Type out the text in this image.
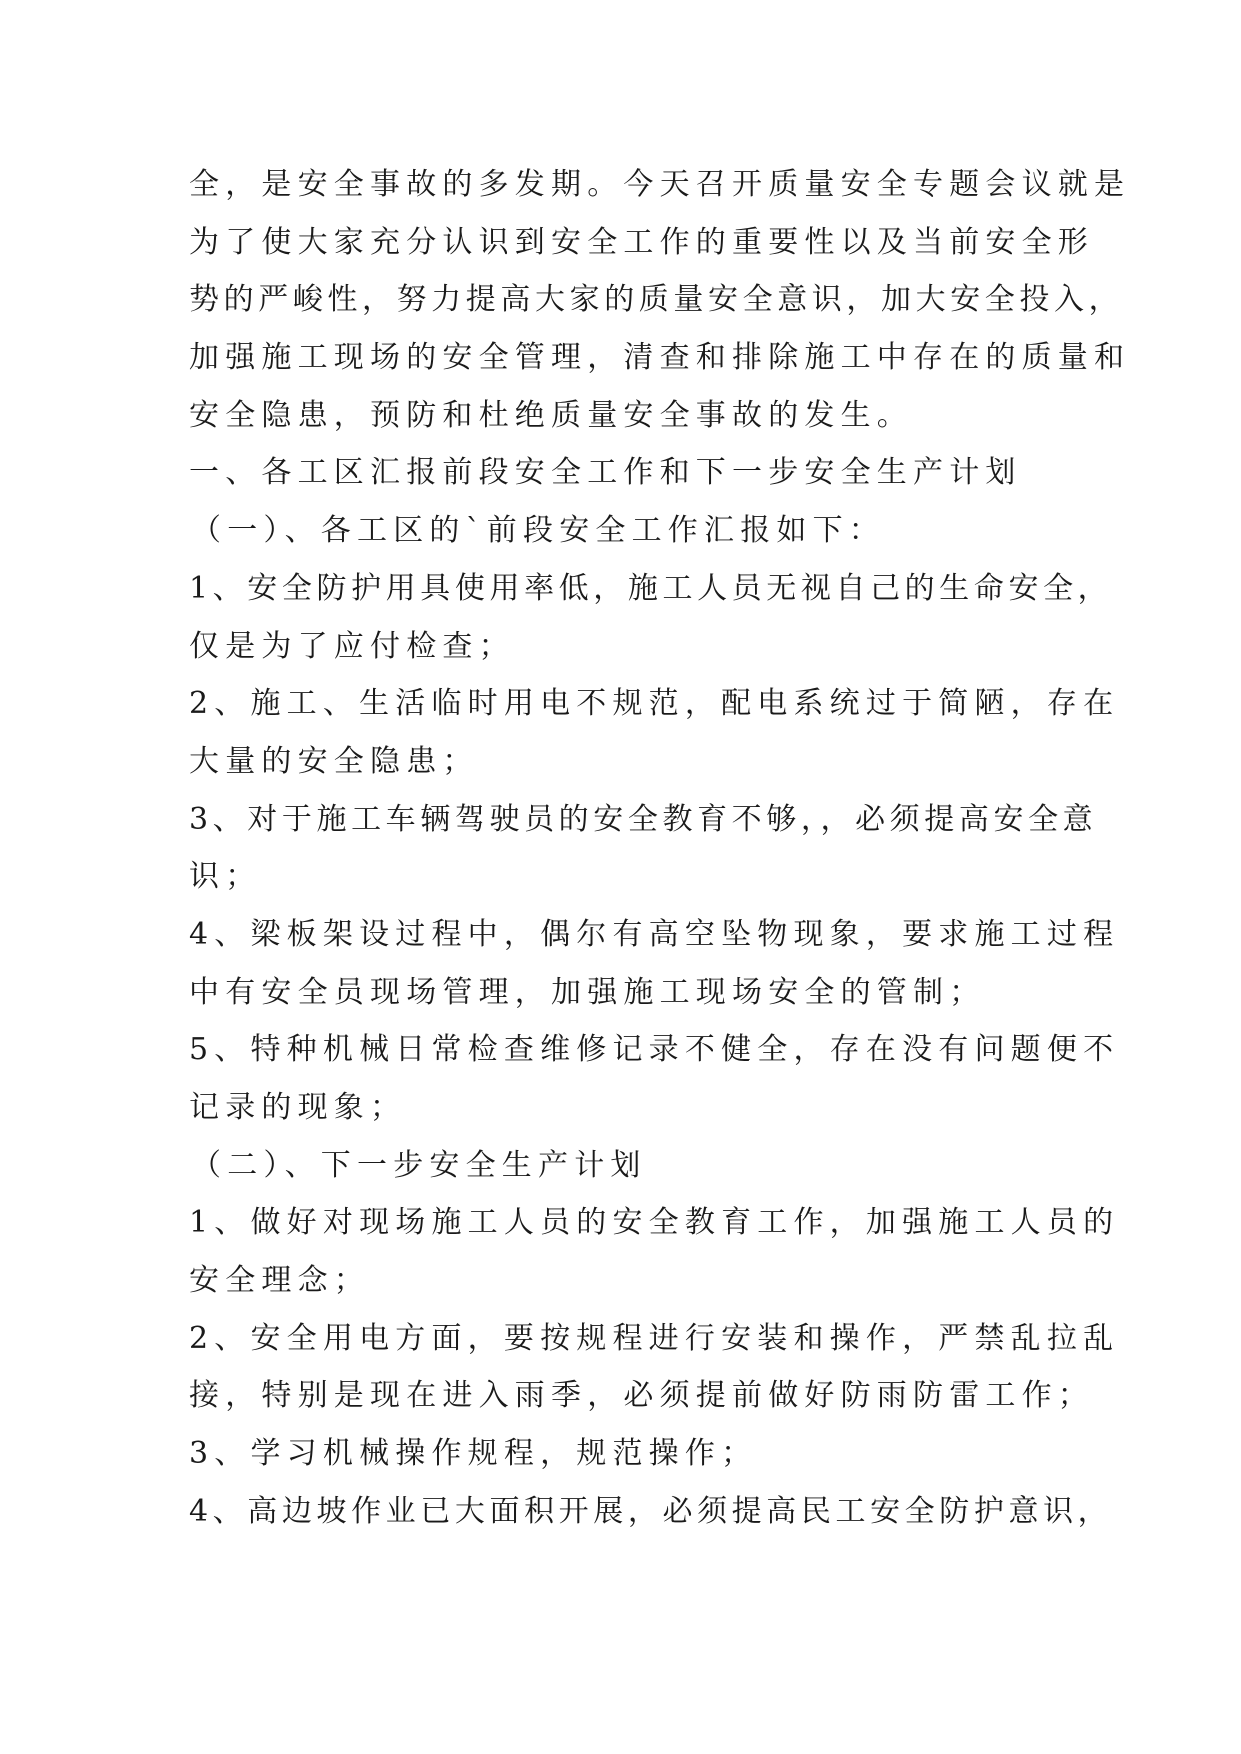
全，是安全事故的多发期。今天召开质量安全专题会议就是
为了使大家充分认识到安全工作的重要性以及当前安全形
势的严峻性，努力提高大家的质量安全意识，加大安全投入，
加强施工现场的安全管理，清查和排除施工中存在的质量和
安全隐患，预防和杜绝质量安全事故的发生。
一、各工区汇报前段安全工作和下一步安全生产计划
（一）、各工区的`前段安全工作汇报如下：
1、安全防护用具使用率低，施工人员无视自己的生命安全，
仅是为了应付检查；
2、施工、生活临时用电不规范，配电系统过于简陋，存在
大量的安全隐患；
3、对于施工车辆驾驶员的安全教育不够，，必须提高安全意
识；
4、梁板架设过程中，偶尔有高空坠物现象，要求施工过程
中有安全员现场管理，加强施工现场安全的管制；
5、特种机械日常检查维修记录不健全，存在没有问题便不
记录的现象；
（二）、下一步安全生产计划
1、做好对现场施工人员的安全教育工作，加强施工人员的
安全理念；
2、安全用电方面，要按规程进行安装和操作，严禁乱拉乱
接，特别是现在进入雨季，必须提前做好防雨防雷工作；
3、学习机械操作规程，规范操作；
4、高边坡作业已大面积开展，必须提高民工安全防护意识，
